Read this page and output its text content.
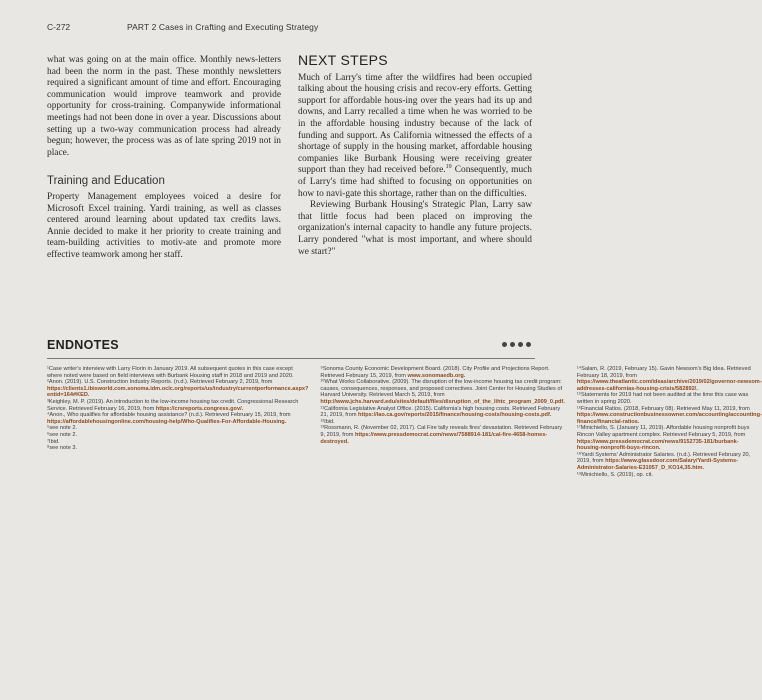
C-272	PART 2 Cases in Crafting and Executing Strategy

what was going on at the main office. Monthly news-letters had been the norm in the past. These monthly newsletters required a significant amount of time and effort. Encouraging communication would improve teamwork and provide opportunity for cross-training. Companywide informational meetings had not been done in over a year. Discussions about setting up a two-way communication process had already begun; however, the process was as of late spring 2019 not in place.

Training and Education

Property Management employees voiced a desire for Microsoft Excel training. Yardi training, as well as classes centered around learning about updated tax credits laws. Annie decided to make it her priority to create training and team-building activities to motiv-ate and promote more effective teamwork among her staff.

NEXT STEPS

Much of Larry's time after the wildfires had been occupied talking about the housing crisis and recov-ery efforts. Getting support for affordable hous-ing over the years had its up and downs, and Larry recalled a time when he was worried to be in the affordable housing industry because of the lack of funding and support. As California witnessed the effects of a shortage of supply in the housing market, affordable housing companies like Burbank Housing were receiving greater support than they had received before.$^{19}$ Consequently, much of Larry's time had shifted to focusing on opportunities on how to navi-gate this shortage, rather than on the difficulties.

Reviewing Burbank Housing's Strategic Plan, Larry saw that little focus had been placed on improving the organization's internal capacity to handle any future projects. Larry pondered "what is most important, and where should we start?"

ENDNOTES
¹Case writer's interview with Larry Florin in January 2019. All subsequent quotes in this case except where noted were based on field interviews with Burbank Housing staff in 2018 and 2019 and 2020.
²Anon. (2019). U.S. Construction Industry Reports. (n.d.). Retrieved February 2, 2019, from https://clients1.ibisworld.com.sonoma.idm.oclc.org/reports/us/industry/currentperformance.aspx?entid=164#KED.
³Keighley, M. P. (2019). An introduction to the low-income housing tax credit. Congressional Research Service. Retrieved February 16, 2019, from https://crsreports.congress.gov/.
⁴Anon., Who qualifies for affordable housing assistance? (n.d.). Retrieved February 15, 2019, from https://affordablehousingonline.com/housing-help/Who-Qualifies-For-Affordable-Housing.
⁵see note 2.
⁶see note 2.
⁷Ibid.
⁸see note 3.
⁹Sonoma County Economic Development Board. (2018). City Profile and Projections Report. Retrieved February 15, 2019, from www.sonomaedb.org.
¹⁰What Works Collaborative. (2009). The disruption of the low-income housing tax credit program: causes, consequences, responses, and proposed correctives. Joint Center for Housing Studies of Harvard University. Retrieved March 5, 2019, from http://www.jchs.harvard.edu/sites/default/files/disruption_of_the_lihtc_program_2009_0.pdf.
¹¹California Legislative Analyst Office. (2015). California's high housing costs. Retrieved February 21, 2019, from https://lao.ca.gov/reports/2015/finance/housing-costs/housing-costs.pdf.
¹²Ibid.
¹³Rossmann, R. (November 02, 2017). Cal Fire tally reveals fires' devastation. Retrieved February 9, 2019, from https://www.pressdemocrat.com/news/7588914-181/cal-fire-4658-homes-destroyed.
¹⁴Salam, R. (2019, February 15). Gavin Newsom's Big Idea. Retrieved February 18, 2019, from https://www.theatlantic.com/ideas/archive/2019/02/governor-newsom-addresses-californias-housing-crisis/582892/.
¹⁵Statements for 2019 had not been audited at the time this case was written in spring 2020.
¹⁶Financial Ratios. (2018, February 08). Retrieved May 11, 2019, from https://www.constructionbusinessowner.com/accounting/accounting-finance/financial-ratios.
¹⁷Minichiello, S. (January 11, 2019). Affordable housing nonprofit buys Rincon Valley apartment complex. Retrieved February 5, 2019, from https://www.pressdemocrat.com/news/9152735-181/burbank-housing-nonprofit-buys-rincon.
¹⁸Yardi Systems' Administrator Salaries. (n.d.). Retrieved February 20, 2019, from https://www.glassdoor.com/Salary/Yardi-Systems-Administrator-Salaries-E31057_D_KO14,35.htm.
¹⁹Minichiello, S. (2019), op. cit.
